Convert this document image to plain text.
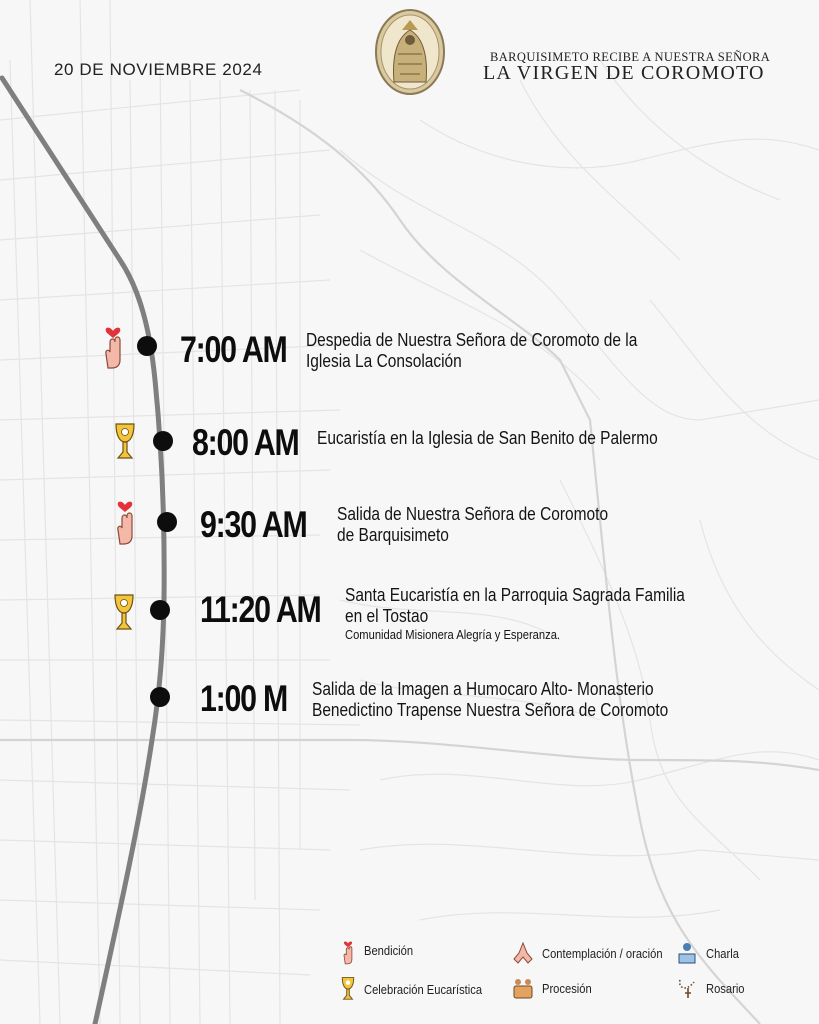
20 DE NOVIEMBRE 2024
BARQUISIMETO RECIBE A NUESTRA SEÑORA
LA VIRGEN DE COROMOTO
7:00 AM
8:00 AM
9:30 AM
11:20 AM
1:00 M
Despedia de Nuestra Señora de Coromoto de la
Iglesia La Consolación
Eucaristía en la Iglesia de San Benito de Palermo
Salida de Nuestra Señora de Coromoto
de Barquisimeto
Santa Eucaristía en la Parroquia Sagrada Familia
en el Tostao
Comunidad Misionera Alegría y Esperanza.
Salida de la Imagen a Humocaro Alto- Monasterio
Benedictino Trapense Nuestra Señora de Coromoto
Bendición
Celebración Eucarística
Contemplación / oración
Procesión
Charla
Rosario
